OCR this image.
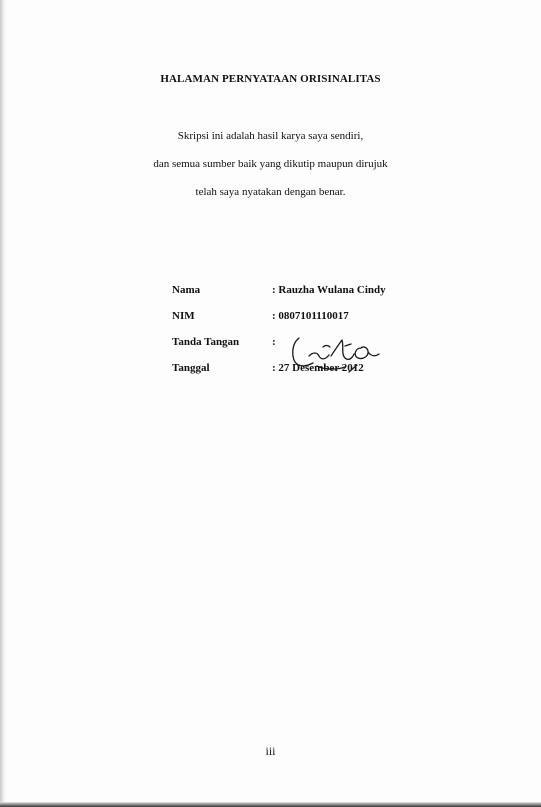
HALAMAN PERNYATAAN ORISINALITAS
Skripsi ini adalah hasil karya saya sendiri,
dan semua sumber baik yang dikutip maupun dirujuk
telah saya nyatakan dengan benar.
Nama	: Rauzha Wulana Cindy
NIM	: 0807101110017
Tanda Tangan	:
Tanggal	: 27 Desember 2012
iii
